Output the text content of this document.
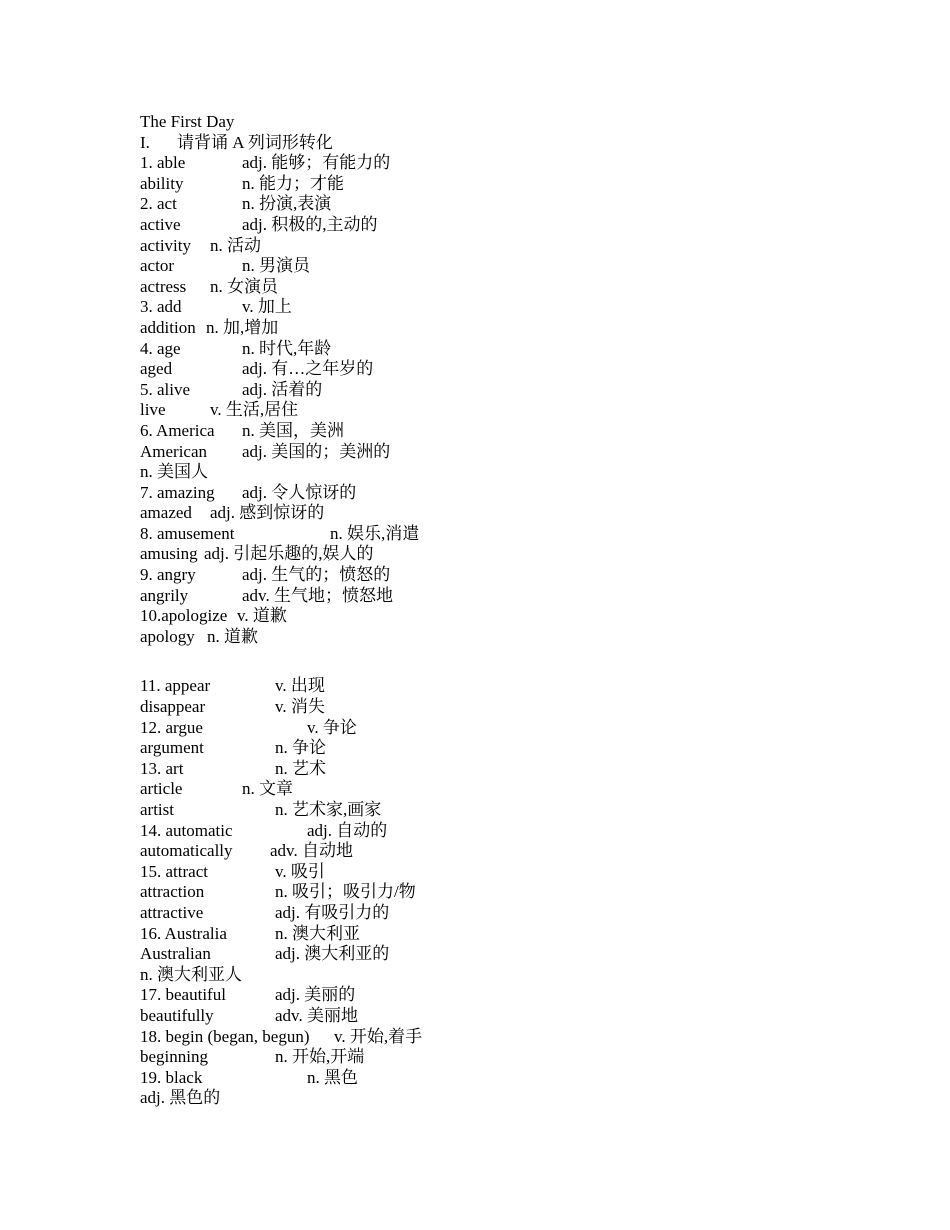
The First Day
I. 请背诵 A 列词形转化
1. able	adj. 能够；有能力的
ability	n. 能力；才能
2. act	n. 扮演,表演
active	adj. 积极的,主动的
activity n. 活动
actor	n. 男演员
actress n. 女演员
3. add	v. 加上
addition n. 加,增加
4. age	n. 时代,年龄
aged	adj. 有…之年岁的
5. alive	adj. 活着的
live	v. 生活,居住
6. America n. 美国，美洲
American adj. 美国的；美洲的
n. 美国人
7. amazing adj. 令人惊讶的
amazed adj. 感到惊讶的
8. amusement	n. 娱乐,消遣
amusing adj. 引起乐趣的,娱人的
9. angry	adj. 生气的；愤怒的
angrily	adv. 生气地；愤怒地
10.apologize v. 道歉
apology n. 道歉
11. appear	v. 出现
disappear	v. 消失
12. argue	v. 争论
argument	n. 争论
13. art	n. 艺术
article	n. 文章
artist	n. 艺术家,画家
14. automatic	adj. 自动的
automatically adv. 自动地
15. attract	v. 吸引
attraction	n. 吸引；吸引力/物
attractive	adj. 有吸引力的
16. Australia	n. 澳大利亚
Australian	adj. 澳大利亚的
n. 澳大利亚人
17. beautiful	adj. 美丽的
beautifully	adv. 美丽地
18. begin (began, begun) v. 开始,着手
beginning	n. 开始,开端
19. black	n. 黑色
adj. 黑色的
